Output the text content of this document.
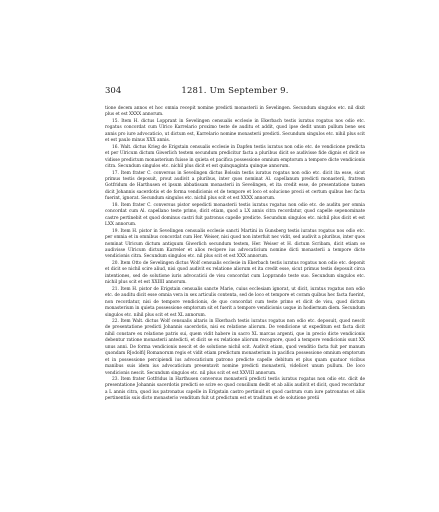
304	1281. Um September 9.

tione decem annos et hoc omnia recepit nomine predicti monasterii in Sevelingen. Secundum singulos etc. nil dixit plus et est XXXX annorum.

15. Item H. dictus Lopprant in Sevelingen censualis ecclesie in Ekerbach testis iuratus rogatus nos odio etc. rogatus concordat cum Ulrico Karrelario proximo teste de auditu et addit, quod ipse dedit unum pullum bene sex annis pro iure advocaticio, ut dictum est, Karrelario nomine monasterii predicti. Secundum singulos etc. nihil plus scit et est paulo minus XXX annis.

16. Walt. dictus Krieg de Erigstain censualis ecclesie in Dapfen testis iuratus non odio etc. de vendicione predicta et per Ulricum dictum Giwerlich testem secundum predicitur facta a pluribus dicit se audivisse fide dignis et dicit se vidisse predictum monasterium fuisse in quieta et pacifica possessione omnium emptorum a tempore dicte vendicionis citra. Secundum singulos etc. nichil plus dicit et est quinquaginta quinque annorum.

17. Item frater C. conversus in Sevelingen dictus Bolssin testis iuratus rogatus non odio etc. dicit ita esse, sicut primus testis deposuit, prout audivit a pluribus, inter quos nominat Al. capellanum predicti monasterii, fratrem Gotfridum de Harthusen et ipsum abbatissam monasterii in Sevelingen, et ita credit esse, de presentatione tamen dicit Johannis sacerdotis et de forma vendicionis et de tempore et loco et solucione precii et certum quibus hec facta fuerint, ignorat. Secundum singulos etc. nichil plus scit et est XXXX annorum.

18. Item frater C. conversus pistor sepedicti monasterii testis iuratus rogatus non odio etc. de auditu per omnia concordat cum Al. capellano teste primo, dicit etiam, quod a LX annis citra recordatur, quod capelle sepenominate castre pertinebit et quod dominus castri fuit patronus capelle predicte. Secundum singulos etc. nichil plus dicit et est LXX annorum.

19. Item H. pistor in Sevelingen censualis ecclesie sancti Martini in Gunsberg testis iuratus rogatus nos odio etc. per omnia et in omnibus concordat cum Her. Weiser, nisi quod non interfuit nec vidit, sed audivit a pluribus, inter quos nominat Ulricum dictum antiquum Giwerlich secundum testem, Her. Weiser et H. dictum Scribam, dicit etiam se audivisse Ulricum dictum Karreler et alios recipere ius advocaticium nomine dicti monasterii a tempore dicte vendicionis citra. Secundum singulos etc. nil plus scit et est XXX annorum.

20. Item Otto de Sevelingen dictus Wolf censualis ecclesie in Ekerbach testis iuratus rogatus non odio etc. deponit et dicit se nichil scire aliud, nisi quod audivit ex relatione aliorum et ita credit esse, sicut primus testis deposuit circa intentiones, sed de solutione iuris advocaticii de visu concordat cum Lopprando teste suo. Secundum singulos etc. nichil plus scit et est XXIIII annorum.

21. Item H. pistor de Erigstain censualis sancte Marie, cuius ecclesiam ignorat, ut dicit, iuratus rogatus non odio etc. de auditu dicit esse omnia vera in sex articulis contenta, sed de loco et tempore et coram quibus hec facta fuerint, non recordatur, nisi de tempore vendicionis, de quo concordat cum teste primo et dicit de visu, quod dictum monasterium in quieta possessione emptorum sit et fuerit a tempore vendicionis usque in hodiernum diem. Secundum singulos etc. nihil plus scit et est XL annorum.

22. Item Walt. dictus Wolf censualis altaris in Ekerbach testis iuratus rogatus non odio etc. deposuit, quod nescit de presentatione predicti Johannis sacerdotis, nisi ex relatione aliorum. De vendicione ut expeditum est facta dicit nihil constare ex relatione patris sui, quem vidit habere in sacro XL marcas argenti, que in precio dicte vendicionis debentur ratione monasterii antedicti, et dicit se ex relatione aliorum recognore, quod a tempore vendicionis sunt XX unus anni. De forma vendicionis nescit et de solutione nichil scit. Audivit etiam, quod venditio facta fuit per manum quondam R[odolfi] Romanorum regis et vidit etiam predictum monasterium in pacifica possessione omnium emptorum et in possessione percipiendi ius advocaticium patrono predicte capelle debitum et plus quam quatuor vicibus manibus suis idem ius advocaticium presentavit nomine predicti monasterii, videlicet unum pullum. De loco vendicionis nescit. Secundum singulos etc. nil plus scit et est XXVIII annorum.

23. Item frater Gotfridus in Harthusen conversus monasterii predicti testis iuratus rogatus non odio etc. dicit de presentatione Johannis sacerdotis predicti se scire eo quod consilium dedit et ab aliis audivit et dicit, quod recordatur a L annis citra, quod ius patronatus capelle in Erigstain castro pertinuit et quod castrum cum iure patronatus et aliis pertinentiis suis dicto monasterio venditum fuit ut predictum est et traditum et de solutione pretii
